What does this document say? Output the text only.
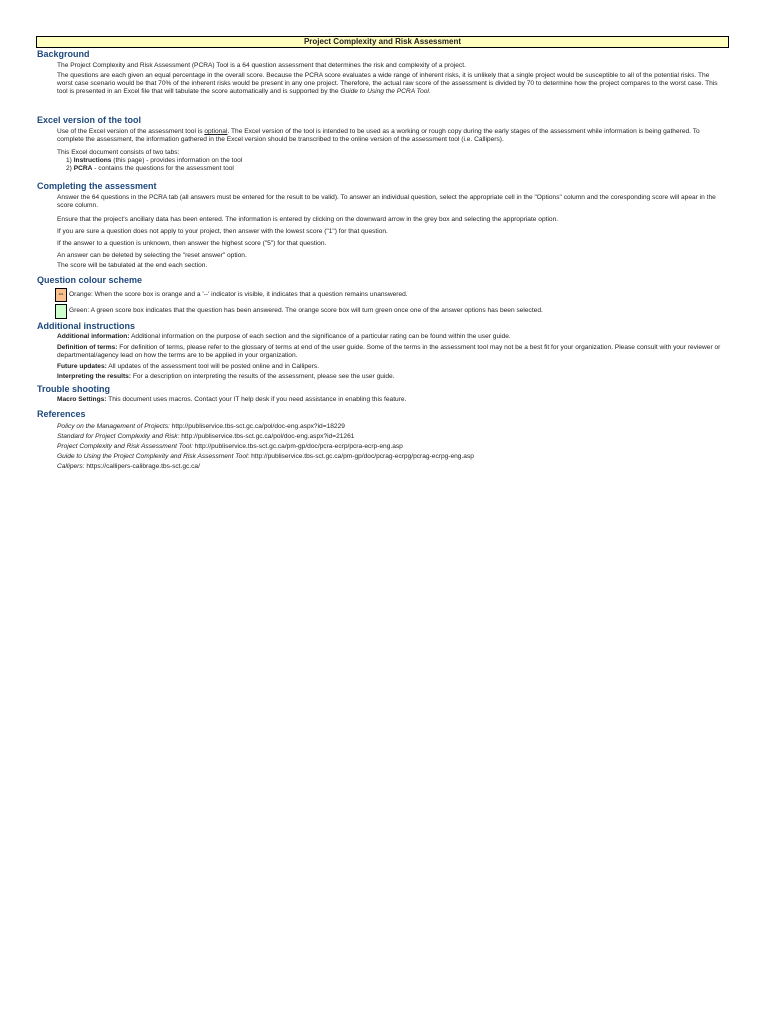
Project Complexity and Risk Assessment
Background
The Project Complexity and Risk Assessment (PCRA) Tool is a 64 question assessment that determines the risk and complexity of a project.
The questions are each given an equal percentage in the overall score. Because the PCRA score evaluates a wide range of inherent risks, it is unlikely that a single project would be susceptible to all of the potential risks. The worst case scenario would be that 70% of the inherent risks would be present in any one project. Therefore, the actual raw score of the assessment is divided by 70 to determine how the project compares to the worst case. This tool is presented in an Excel file that will tabulate the score automatically and is supported by the Guide to Using the PCRA Tool.
Excel version of the tool
Use of the Excel version of the assessment tool is optional. The Excel version of the tool is intended to be used as a working or rough copy during the early stages of the assessment while information is being gathered. To complete the assessment, the information gathered in the Excel version should be transcribed to the online version of the assessment tool (i.e. Callipers).
This Excel document consists of two tabs:
1) Instructions (this page) - provides information on the tool
2) PCRA - contains the questions for the assessment tool
Completing the assessment
Answer the 64 questions in the PCRA tab (all answers must be entered for the result to be valid). To answer an individual question, select the appropriate cell in the "Options" column and the coresponding score will apear in the score column.
Ensure that the project's ancillary data has been entered. The information is entered by clicking on the downward arrow in the grey box and selecting the appropriate option.
If you are sure a question does not apply to your project, then answer with the lowest score ("1") for that question.
If the answer to a question is unknown, then answer the highest score ("5") for that question.
An answer can be deleted by selecting the "reset answer" option.
The score will be tabulated at the end each section.
Question colour scheme
-- Orange: When the score box is orange and a '--' indicator is visible, it indicates that a question remains unanswered.
Green: A green score box indicates that the question has been answered. The orange score box will turn green once one of the answer options has been selected.
Additional instructions
Additional information: Additional information on the purpose of each section and the significance of a particular rating can be found within the user guide.
Definition of terms: For definition of terms, please refer to the glossary of terms at end of the user guide. Some of the terms in the assessment tool may not be a best fit for your organization. Please consult with your reviewer or departmental/agency lead on how the terms are to be applied in your organization.
Future updates: All updates of the assessment tool will be posted online and in Callipers.
Interpreting the results: For a description on interpreting the results of the assessment, please see the user guide.
Trouble shooting
Macro Settings: This document uses macros. Contact your IT help desk if you need assistance in enabling this feature.
References
Policy on the Management of Projects: http://publiservice.tbs-sct.gc.ca/pol/doc-eng.aspx?id=18229
Standard for Project Complexity and Risk: http://publiservice.tbs-sct.gc.ca/pol/doc-eng.aspx?id=21261
Project Complexity and Risk Assessment Tool: http://publiservice.tbs-sct.gc.ca/pm-gp/doc/pcra-ecrp/pcra-ecrp-eng.asp
Guide to Using the Project Complexity and Risk Assessment Tool: http://publiservice.tbs-sct.gc.ca/pm-gp/doc/pcrag-ecrpg/pcrag-ecrpg-eng.asp
Callipers: https://callipers-calibrage.tbs-sct.gc.ca/
